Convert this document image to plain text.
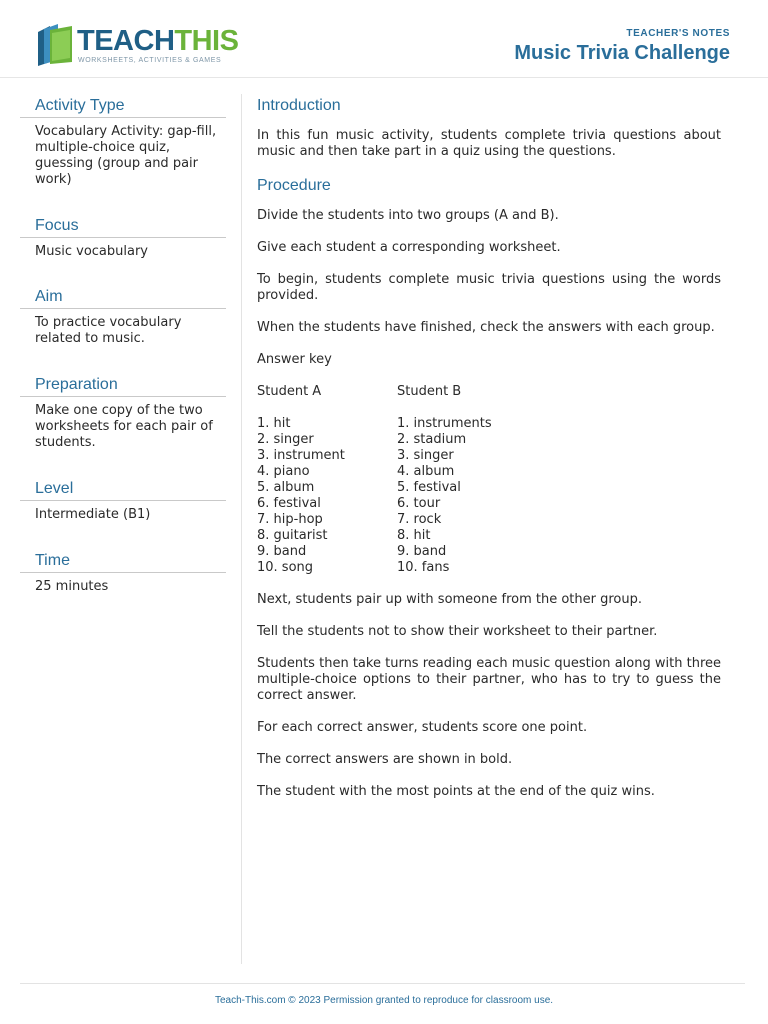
TEACHTHIS
WORKSHEETS, ACTIVITIES & GAMES
TEACHER'S NOTES
Music Trivia Challenge
Activity Type
Vocabulary Activity: gap-fill, multiple-choice quiz, guessing (group and pair work)
Focus
Music vocabulary
Aim
To practice vocabulary related to music.
Preparation
Make one copy of the two worksheets for each pair of students.
Level
Intermediate (B1)
Time
25 minutes
Introduction

In this fun music activity, students complete trivia questions about music and then take part in a quiz using the questions.

Procedure

Divide the students into two groups (A and B).

Give each student a corresponding worksheet.

To begin, students complete music trivia questions using the words provided.

When the students have finished, check the answers with each group.

Answer key

Student A
1. hit
2. singer
3. instrument
4. piano
5. album
6. festival
7. hip-hop
8. guitarist
9. band
10. song
Student B
1. instruments
2. stadium
3. singer
4. album
5. festival
6. tour
7. rock
8. hit
9. band
10. fans

Next, students pair up with someone from the other group.

Tell the students not to show their worksheet to their partner.

Students then take turns reading each music question along with three multiple-choice options to their partner, who has to try to guess the correct answer.

For each correct answer, students score one point.

The correct answers are shown in bold.

The student with the most points at the end of the quiz wins.

Teach-This.com © 2023 Permission granted to reproduce for classroom use.
